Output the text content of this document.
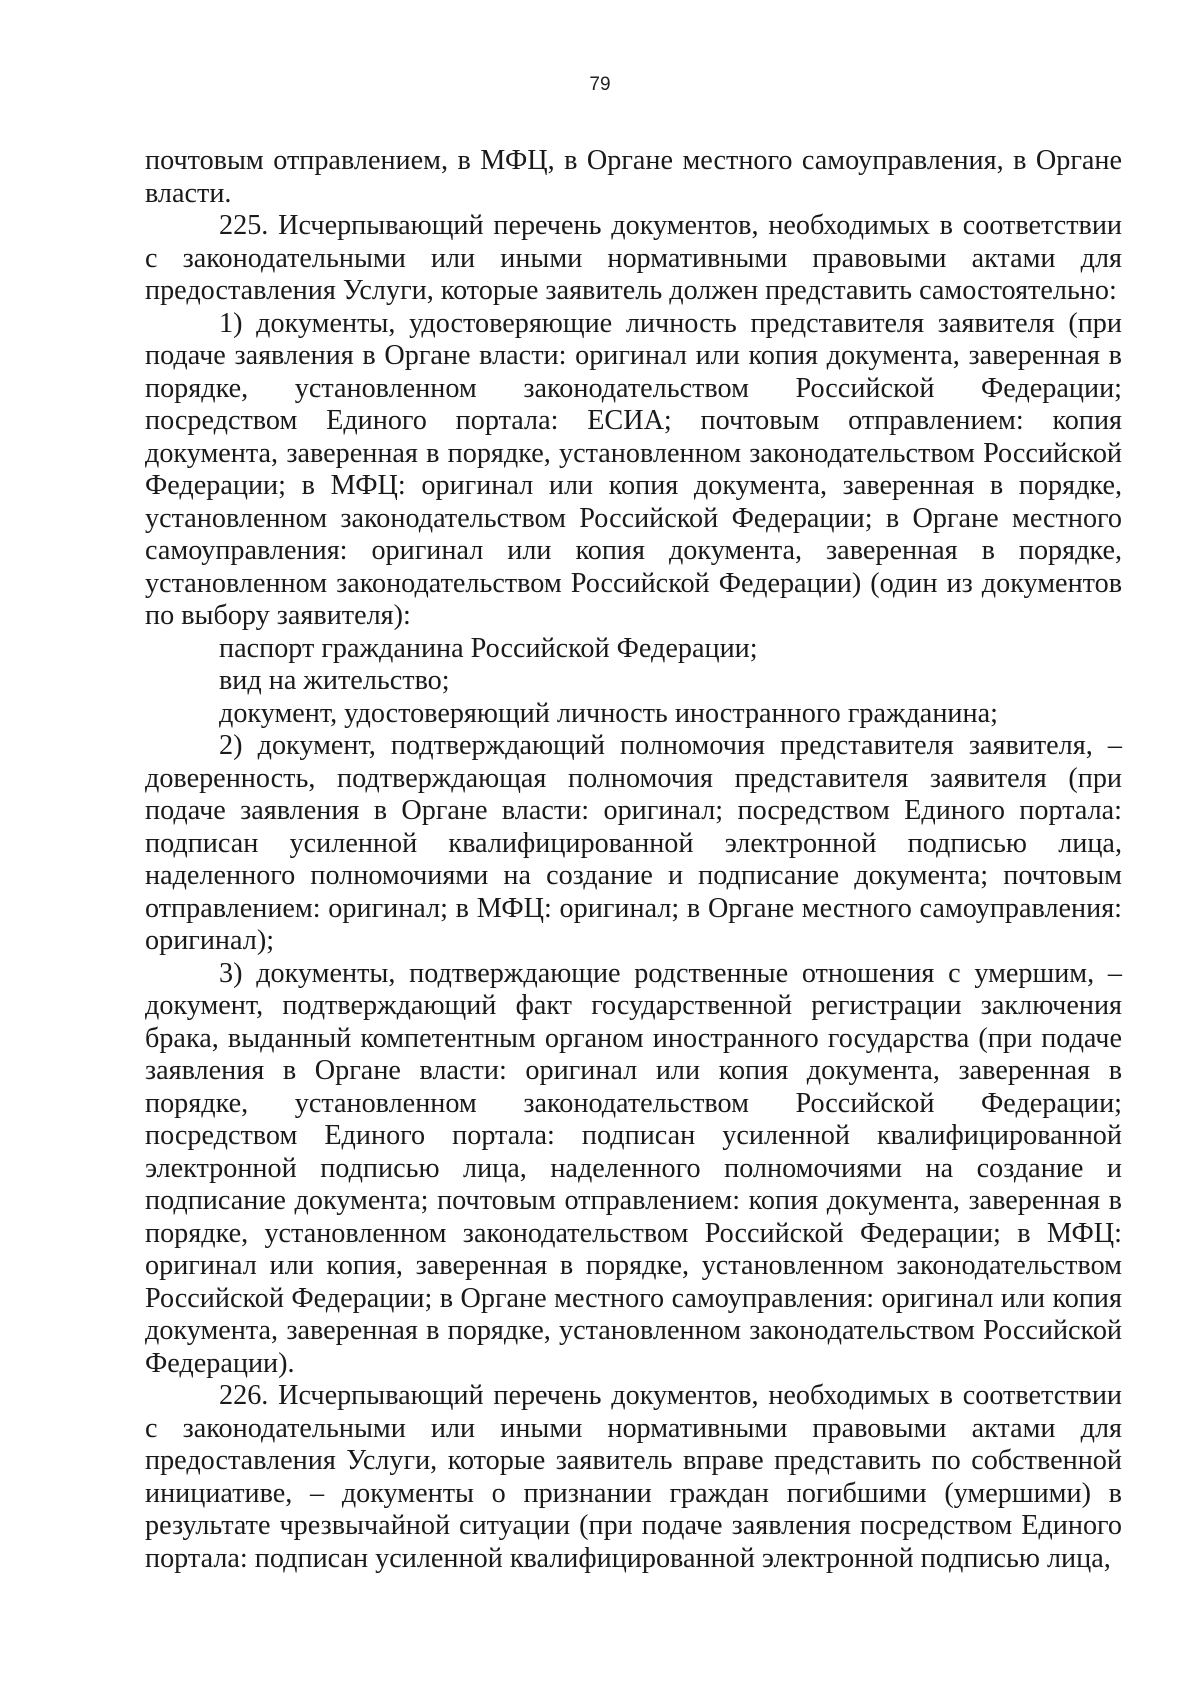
79

почтовым отправлением, в МФЦ, в Органе местного самоуправления, в Органе власти.

225. Исчерпывающий перечень документов, необходимых в соответствии с законодательными или иными нормативными правовыми актами для предоставления Услуги, которые заявитель должен представить самостоятельно:

1) документы, удостоверяющие личность представителя заявителя (при подаче заявления в Органе власти: оригинал или копия документа, заверенная в порядке, установленном законодательством Российской Федерации; посредством Единого портала: ЕСИА; почтовым отправлением: копия документа, заверенная в порядке, установленном законодательством Российской Федерации; в МФЦ: оригинал или копия документа, заверенная в порядке, установленном законодательством Российской Федерации; в Органе местного самоуправления: оригинал или копия документа, заверенная в порядке, установленном законодательством Российской Федерации) (один из документов по выбору заявителя):

паспорт гражданина Российской Федерации;

вид на жительство;

документ, удостоверяющий личность иностранного гражданина;

2) документ, подтверждающий полномочия представителя заявителя, – доверенность, подтверждающая полномочия представителя заявителя (при подаче заявления в Органе власти: оригинал; посредством Единого портала: подписан усиленной квалифицированной электронной подписью лица, наделенного полномочиями на создание и подписание документа; почтовым отправлением: оригинал; в МФЦ: оригинал; в Органе местного самоуправления: оригинал);

3) документы, подтверждающие родственные отношения с умершим, – документ, подтверждающий факт государственной регистрации заключения брака, выданный компетентным органом иностранного государства (при подаче заявления в Органе власти: оригинал или копия документа, заверенная в порядке, установленном законодательством Российской Федерации; посредством Единого портала: подписан усиленной квалифицированной электронной подписью лица, наделенного полномочиями на создание и подписание документа; почтовым отправлением: копия документа, заверенная в порядке, установленном законодательством Российской Федерации; в МФЦ: оригинал или копия, заверенная в порядке, установленном законодательством Российской Федерации; в Органе местного самоуправления: оригинал или копия документа, заверенная в порядке, установленном законодательством Российской Федерации).

226. Исчерпывающий перечень документов, необходимых в соответствии с законодательными или иными нормативными правовыми актами для предоставления Услуги, которые заявитель вправе представить по собственной инициативе, – документы о признании граждан погибшими (умершими) в результате чрезвычайной ситуации (при подаче заявления посредством Единого портала: подписан усиленной квалифицированной электронной подписью лица,
